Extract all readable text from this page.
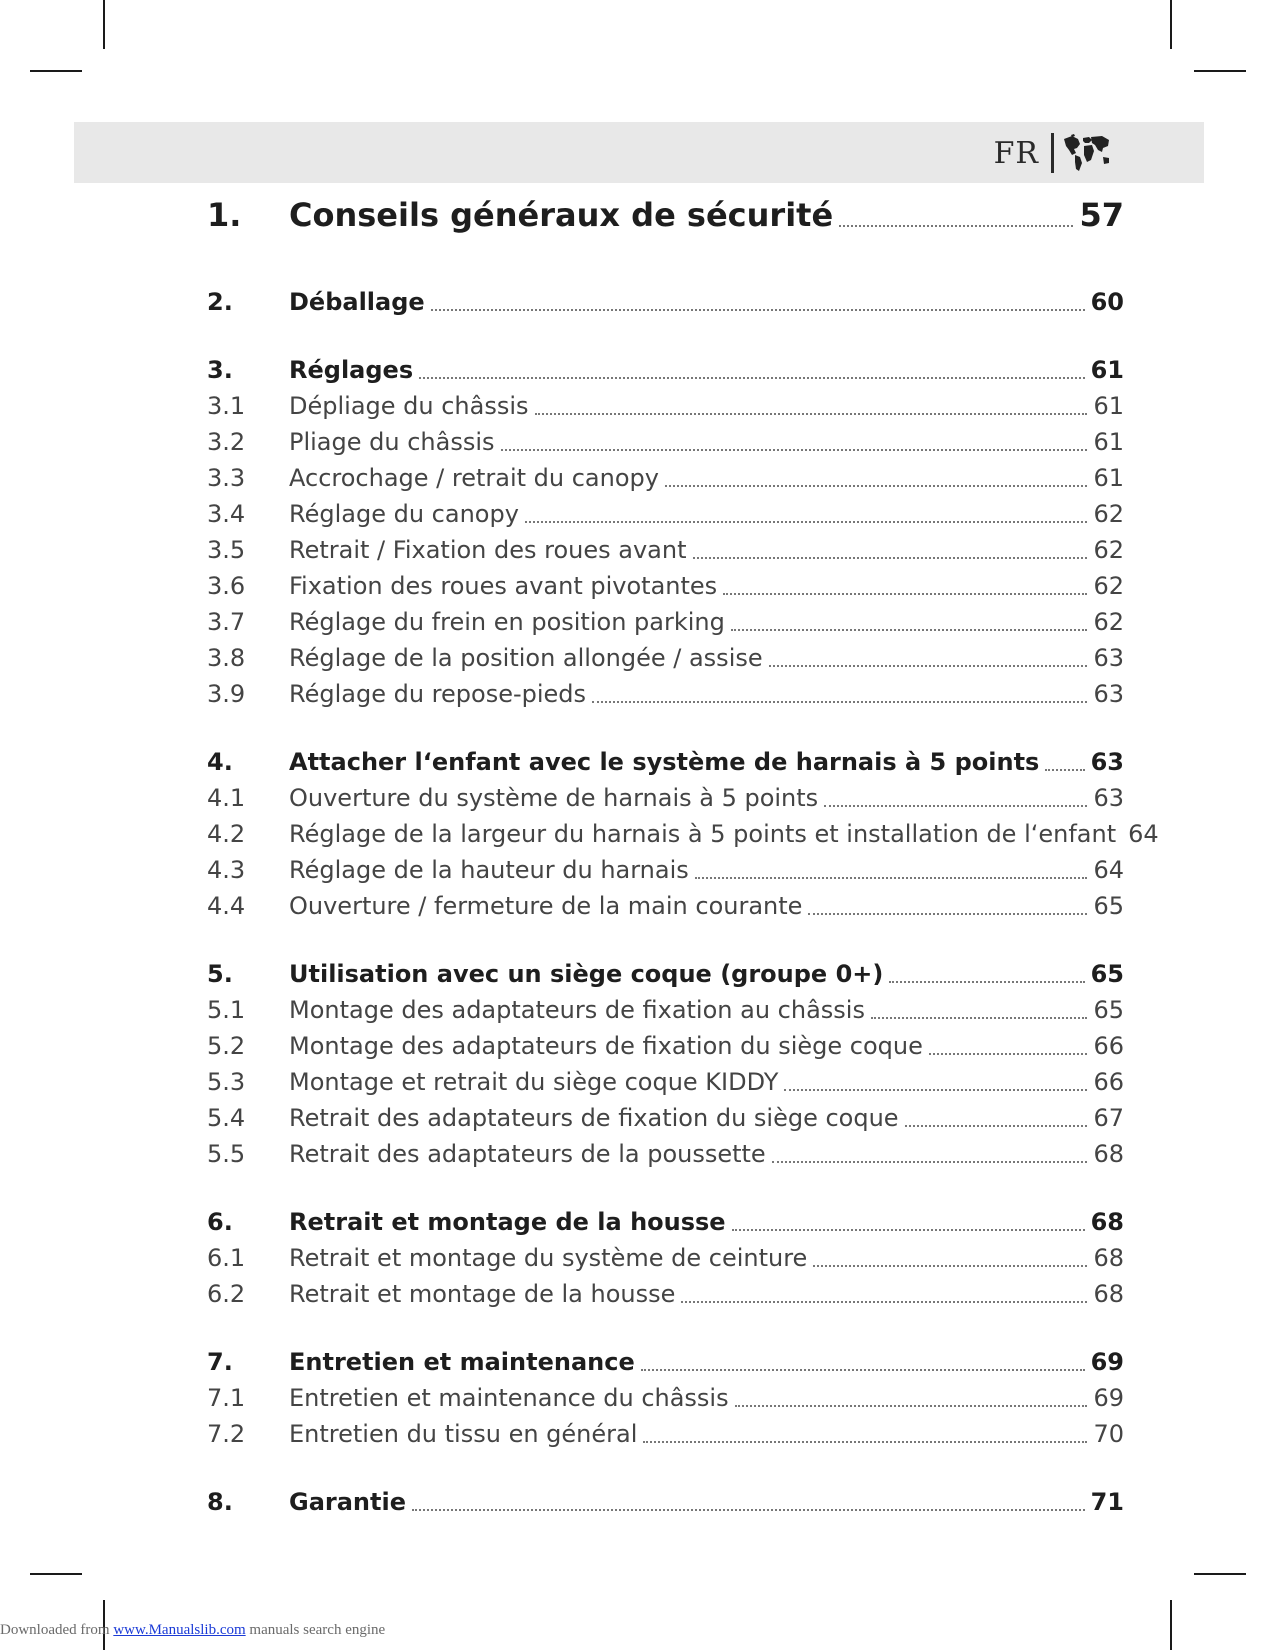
FR
1.	Conseils généraux de sécurité	57
2.	Déballage	60
3.	Réglages	61
3.1	Dépliage du châssis	61
3.2	Pliage du châssis	61
3.3	Accrochage / retrait du canopy	61
3.4	Réglage du canopy	62
3.5	Retrait / Fixation des roues avant	62
3.6	Fixation des roues avant pivotantes	62
3.7	Réglage du frein en position parking	62
3.8	Réglage de la position allongée / assise	63
3.9	Réglage du repose-pieds	63
4.	Attacher l‘enfant avec le système de harnais à 5 points 63
4.1	Ouverture du système de harnais à 5 points	63
4.2	Réglage de la largeur du harnais à 5 points et installation de l‘enfant 64
4.3	Réglage de la hauteur du harnais	64
4.4	Ouverture / fermeture de la main courante	65
5.	Utilisation avec un siège coque (groupe 0+)	65
5.1	Montage des adaptateurs de fixation au châssis	65
5.2	Montage des adaptateurs de fixation du siège coque	66
5.3	Montage et retrait du siège coque KIDDY	66
5.4	Retrait des adaptateurs de fixation du siège coque	67
5.5	Retrait des adaptateurs de la poussette	68
6.	Retrait et montage de la housse	68
6.1	Retrait et montage du système de ceinture	68
6.2	Retrait et montage de la housse	68
7.	Entretien et maintenance	69
7.1	Entretien et maintenance du châssis	69
7.2	Entretien du tissu en général	70
8.	Garantie	71
Downloaded from www.Manualslib.com manuals search engine
